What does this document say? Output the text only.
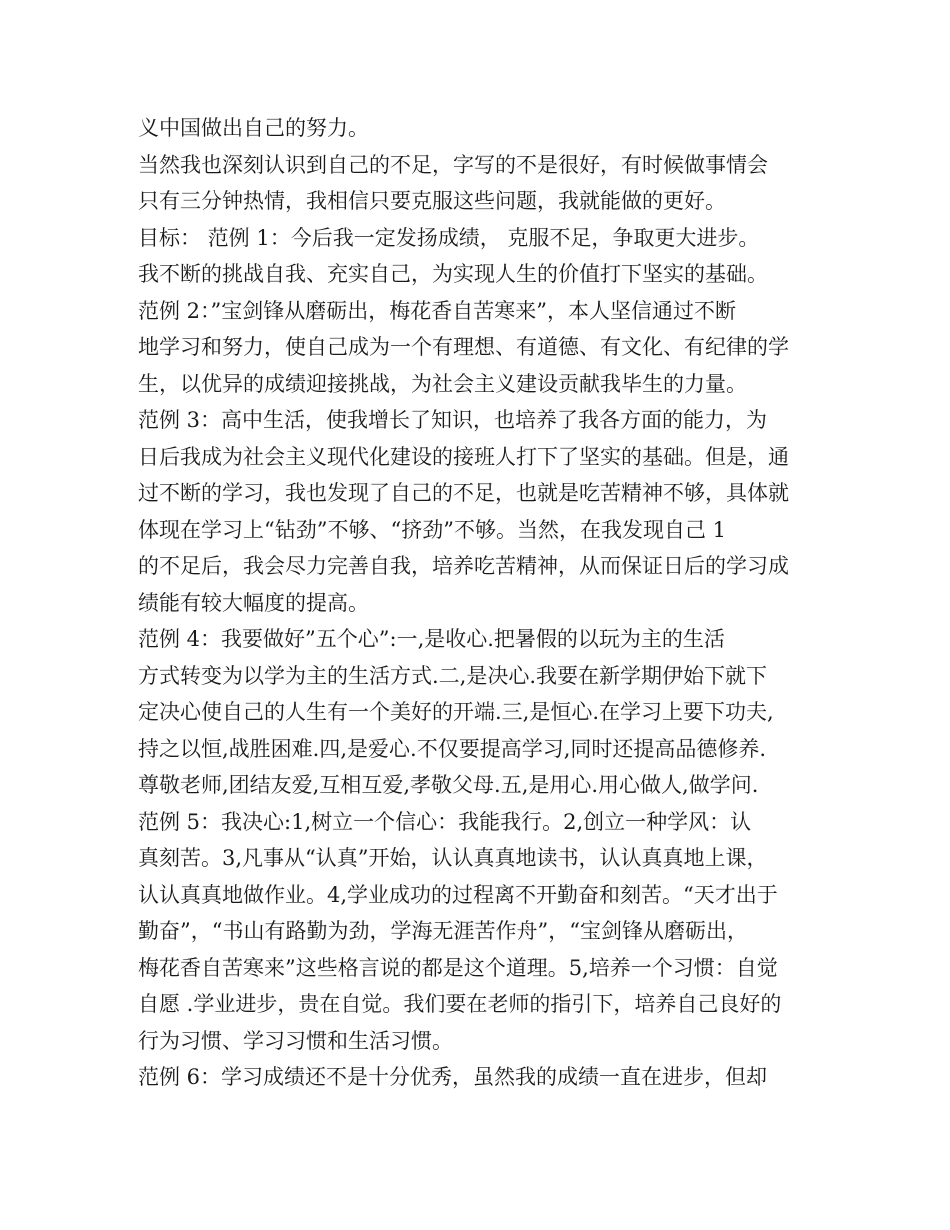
义中国做出自己的努力。
当然我也深刻认识到自己的不足，字写的不是很好，有时候做事情会
只有三分钟热情，我相信只要克服这些问题，我就能做的更好。
目标： 范例 1：今后我一定发扬成绩， 克服不足，争取更大进步。
我不断的挑战自我、充实自己，为实现人生的价值打下坚实的基础。
范例 2：”宝剑锋从磨砺出，梅花香自苦寒来”，本人坚信通过不断
地学习和努力，使自己成为一个有理想、有道德、有文化、有纪律的学
生，以优异的成绩迎接挑战，为社会主义建设贡献我毕生的力量。
范例 3：高中生活，使我增长了知识，也培养了我各方面的能力，为
日后我成为社会主义现代化建设的接班人打下了坚实的基础。但是，通
过不断的学习，我也发现了自己的不足，也就是吃苦精神不够，具体就
体现在学习上“钻劲”不够、“挤劲”不够。当然，在我发现自己 1
的不足后，我会尽力完善自我，培养吃苦精神，从而保证日后的学习成
绩能有较大幅度的提高。
范例 4：我要做好”五个心”:一,是收心.把暑假的以玩为主的生活
方式转变为以学为主的生活方式.二,是决心.我要在新学期伊始下就下
定决心使自己的人生有一个美好的开端.三,是恒心.在学习上要下功夫,
持之以恒,战胜困难.四,是爱心.不仅要提高学习,同时还提高品德修养.
尊敬老师,团结友爱,互相互爱,孝敬父母.五,是用心.用心做人,做学问.
范例 5：我决心:1,树立一个信心：我能我行。2,创立一种学风：认
真刻苦。3,凡事从“认真”开始，认认真真地读书，认认真真地上课，
认认真真地做作业。4,学业成功的过程离不开勤奋和刻苦。“天才出于
勤奋”，“书山有路勤为劲，学海无涯苦作舟”，“宝剑锋从磨砺出，
梅花香自苦寒来”这些格言说的都是这个道理。5,培养一个习惯：自觉
自愿 .学业进步，贵在自觉。我们要在老师的指引下，培养自己良好的
行为习惯、学习习惯和生活习惯。
范例 6：学习成绩还不是十分优秀，虽然我的成绩一直在进步，但却
